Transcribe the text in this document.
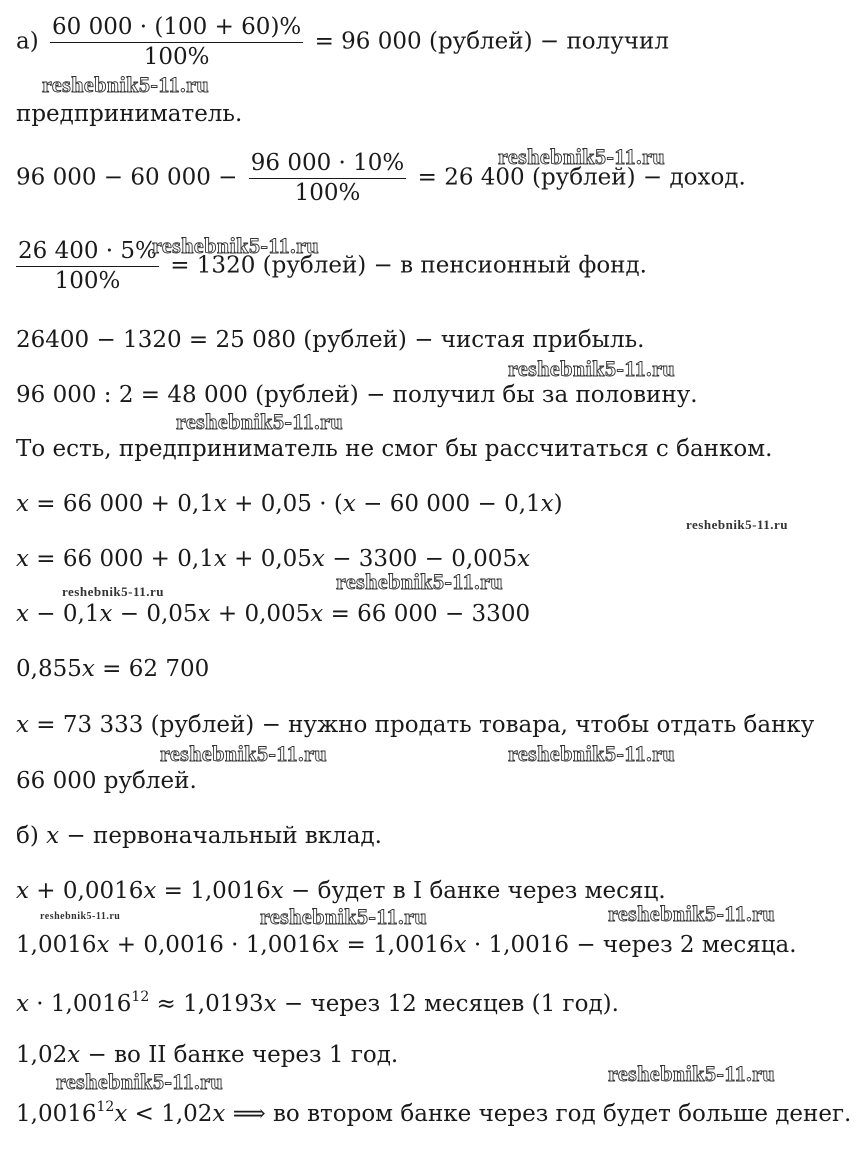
$а) \frac{60 000 \cdot (100 + 60)\%}{100\%} = 96$ 000 (рублей) − получил
предприниматель.
96 000 − 60 $000 - \frac{96 000 \cdot 10\%}{100\%} = 26$ 400 (рублей) − доход.
$\frac{26 400 \cdot 5\%}{100\%} = 1320$ (рублей) − в пенсионный фонд.
26400 − 1320 = 25 080 (рублей) − чистая прибыль.
96 000 : 2 = 48 000 (рублей) − получил бы за половину.
То есть, предприниматель не смог бы рассчитаться с банком.
x = 66 000 + 0,1x + 0,05 · (x − 60 000 − 0,1x)
x = 66 000 + 0,1x + 0,05x − 3300 − 0,005x
x − 0,1x − 0,05x + 0,005x = 66 000 − 3300
0,855x = 62 700
x = 73 333 (рублей) − нужно продать товара, чтобы отдать банку
66 000 рублей.
б) x − первоначальный вклад.
x + 0,0016x = 1,0016x − будет в I банке через месяц.
1,0016x + 0,0016 · 1,0016x = 1,0016x · 1,0016 − через 2 месяца.
$x \cdot 1,0016^{12} \approx 1,0193x$ − через 12 месяцев (1 год).
1,02x − во II банке через 1 год.
$1,0016^{12}x < 1,02x$ ⟹ во втором банке через год будет больше денег.
reshebnik5-11.ru
reshebnik5-11.ru
reshebnik5-11.ru
reshebnik5-11.ru
reshebnik5-11.ru
reshebnik5-11.ru
reshebnik5-11.ru	reshebnik5-11.ru
reshebnik5-11.ru	reshebnik5-11.ru
reshebnik5-11.ru	reshebnik5-11.ru	reshebnik5-11.ru
reshebnik5-11.ru	reshebnik5-11.ru
